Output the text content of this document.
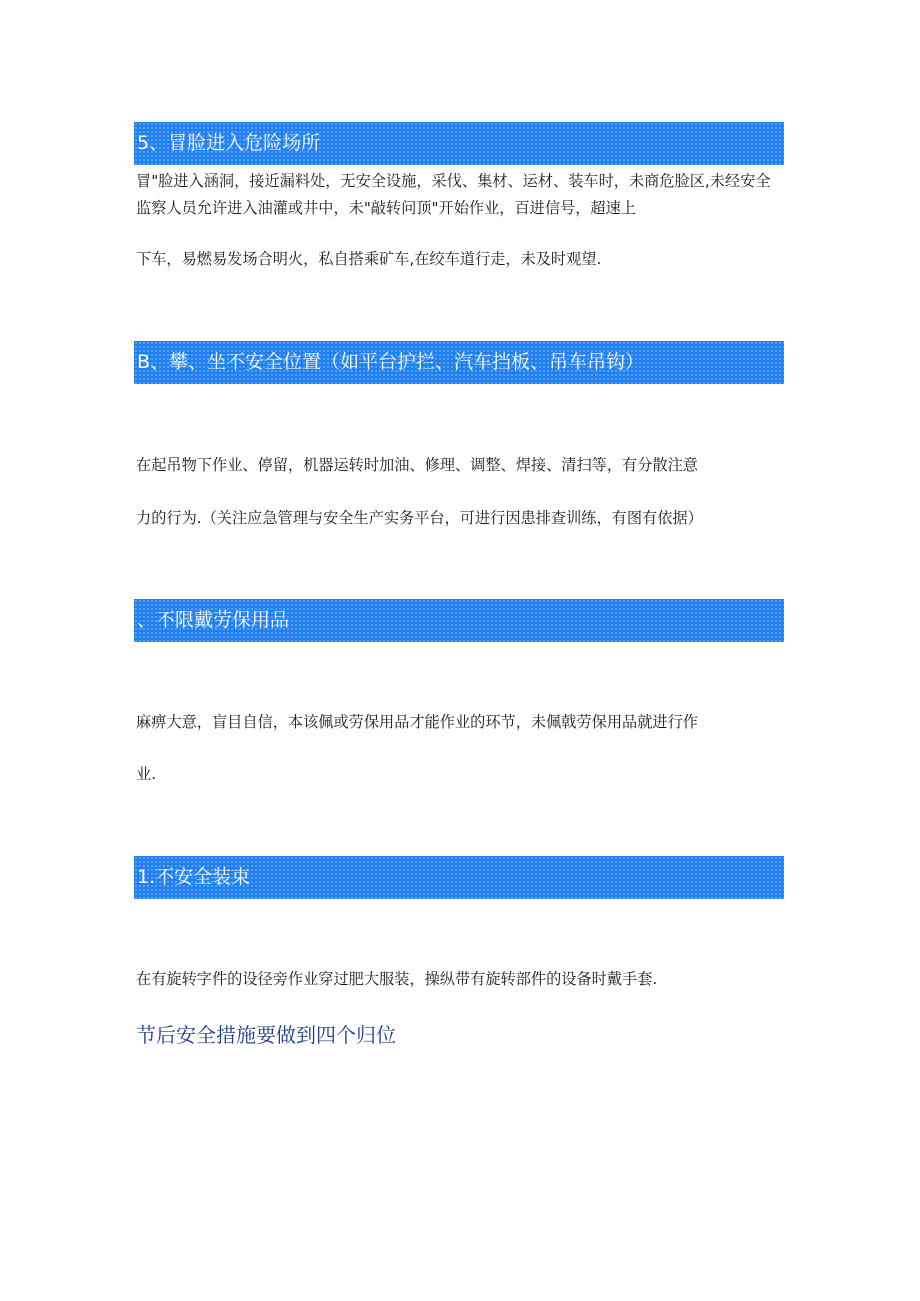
5、冒脸进入危险场所
冒"脸进入涵洞，接近漏料处，无安全设施，采伐、集材、运材、装车时，未商危脸区,未经安全
监察人员允许进入油灌或井中，未"敲转问顶"开始作业，百进信号，超速上
下车，易燃易发场合明火，私自搭乘矿车,在绞车道行走，未及时观望.
B、攀、坐不安全位置（如平台护拦、汽车挡板、吊车吊钩）
在起吊物下作业、停留，机器运转时加油、修理、调整、焊接、清扫等，有分散注意
力的行为.（关注应急管理与安全生产实务平台，可进行因患排查训练，有图有依据）
、不限戴劳保用品
麻痹大意，盲目自信，本该佩或劳保用品才能作业的环节，未佩戟劳保用品就进行作
业.
1.不安全装束
在有旋转字件的设径旁作业穿过肥大服装，操纵带有旋转部件的设备时戴手套.
节后安全措施要做到四个归位
